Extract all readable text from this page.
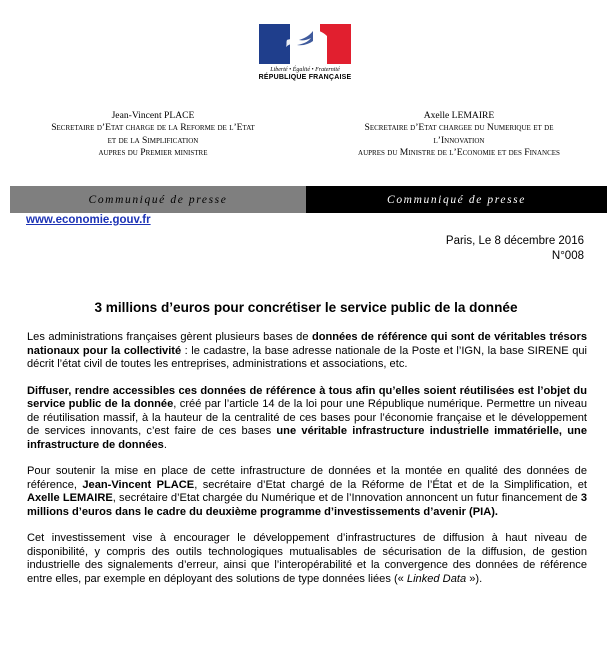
Liberté • Égalité • Fraternité
RÉPUBLIQUE FRANÇAISE
Jean-Vincent PLACE
Secretaire d’Etat charge de la Reforme de l’Etat
et de la Simplification
aupres du Premier ministre
Axelle LEMAIRE
Secretaire d’Etat chargee du Numerique et de
l’Innovation
aupres du Ministre de l’Economie et des Finances
Communiqué de presse	Communiqué de presse
www.economie.gouv.fr
Paris, Le 8 décembre 2016
N°008
3 millions d’euros pour concrétiser le service public de la donnée

Les administrations françaises gèrent plusieurs bases de données de référence qui sont de véritables trésors nationaux pour la collectivité : le cadastre, la base adresse nationale de la Poste et l’IGN, la base SIRENE qui décrit l’état civil de toutes les entreprises, administrations et associations, etc.

Diffuser, rendre accessibles ces données de référence à tous afin qu’elles soient réutilisées est l’objet du service public de la donnée, créé par l’article 14 de la loi pour une République numérique. Permettre un niveau de réutilisation massif, à la hauteur de la centralité de ces bases pour l’économie française et le développement de services innovants, c’est faire de ces bases une véritable infrastructure industrielle immatérielle, une infrastructure de données.

Pour soutenir la mise en place de cette infrastructure de données et la montée en qualité des données de référence, Jean-Vincent PLACE, secrétaire d’Etat chargé de la Réforme de l’État et de la Simplification, et Axelle LEMAIRE, secrétaire d’Etat chargée du Numérique et de l’Innovation annoncent un futur financement de 3 millions d’euros dans le cadre du deuxième programme d’investissements d’avenir (PIA).

Cet investissement vise à encourager le développement d’infrastructures de diffusion à haut niveau de disponibilité, y compris des outils technologiques mutualisables de sécurisation de la diffusion, de gestion industrielle des signalements d’erreur, ainsi que l’interopérabilité et la convergence des données de référence entre elles, par exemple en déployant des solutions de type données liées (« Linked Data »).
